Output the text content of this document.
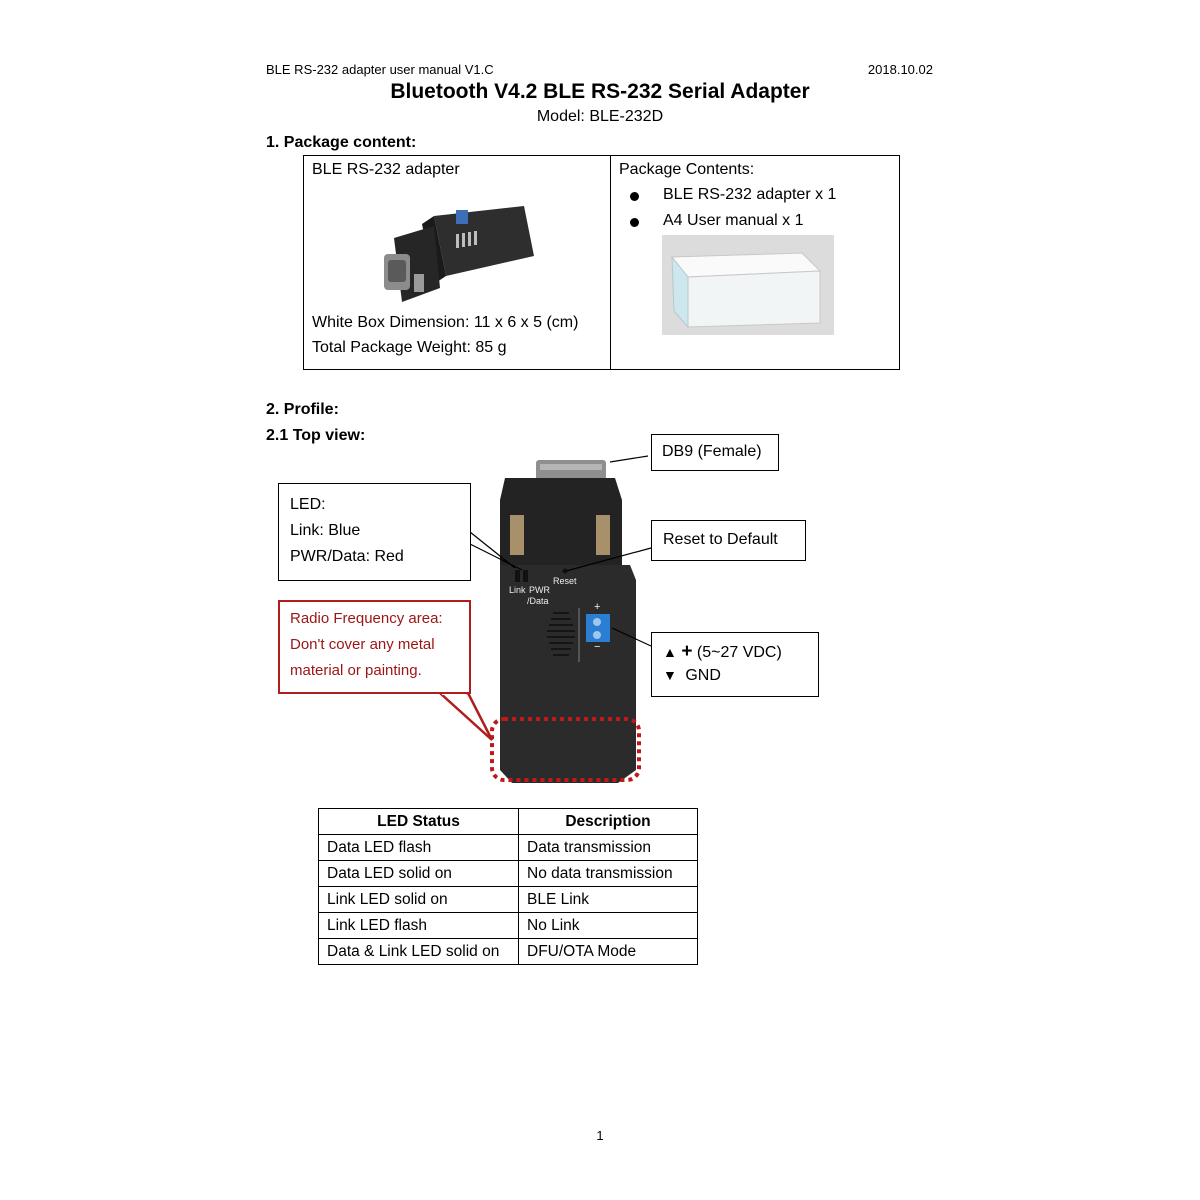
BLE RS-232 adapter user manual V1.C	2018.10.02
Bluetooth V4.2 BLE RS-232 Serial Adapter
Model: BLE-232D
1. Package content:
BLE RS-232 adapter
White Box Dimension: 11 x 6 x 5 (cm)
Total Package Weight: 85 g
Package Contents:
BLE RS-232 adapter x 1
A4 User manual x 1
2. Profile:
2.1 Top view:
Link PWR
/Data
Reset
+
−
DB9 (Female)
LED:
Link: Blue
PWR/Data: Red
Reset to Default
Radio Frequency area:
Don't cover any metal
material or painting.
▲ + (5~27 VDC)
▼ GND
LED Status	Description
Data LED flash	Data transmission
Data LED solid on	No data transmission
Link LED solid on	BLE Link
Link LED flash	No Link
Data & Link LED solid on	DFU/OTA Mode
1
